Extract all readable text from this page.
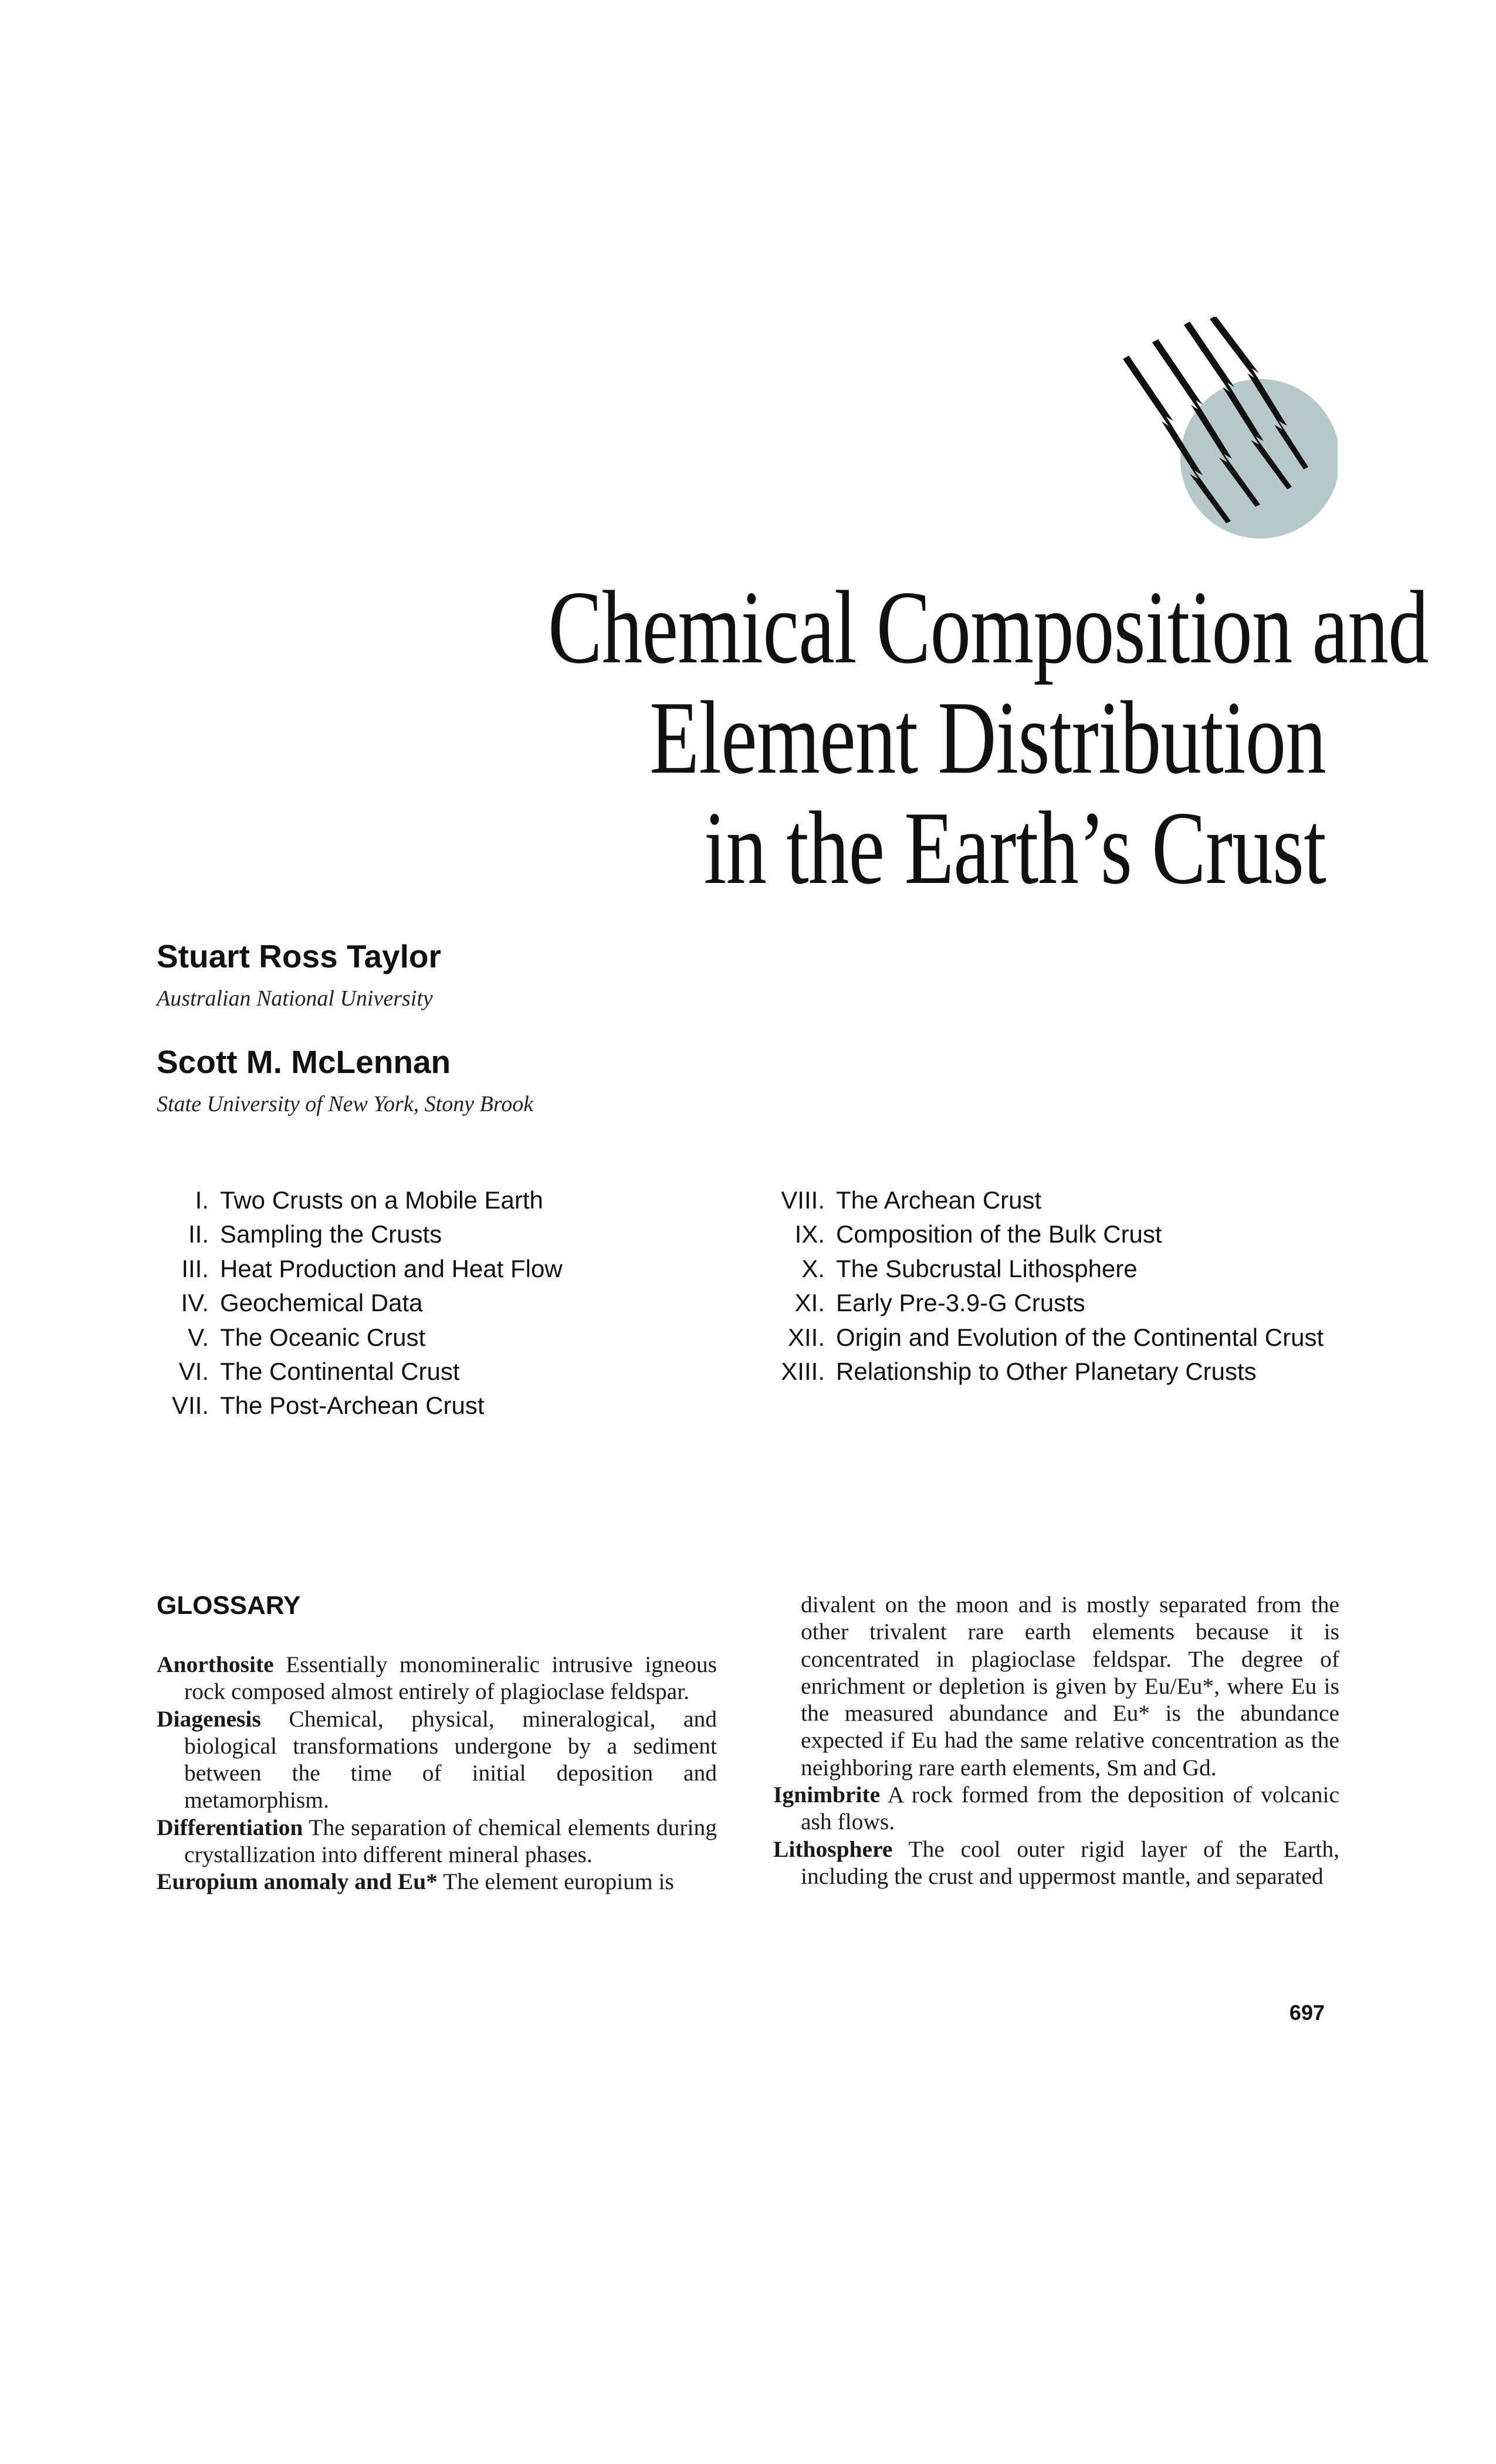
Chemical Composition and
Element Distribution
in the Earth’s Crust
Stuart Ross Taylor
Australian National University
Scott M. McLennan
State University of New York, Stony Brook
I. Two Crusts on a Mobile Earth
II. Sampling the Crusts
III. Heat Production and Heat Flow
IV. Geochemical Data
V. The Oceanic Crust
VI. The Continental Crust
VII. The Post-Archean Crust
VIII. The Archean Crust
IX. Composition of the Bulk Crust
X. The Subcrustal Lithosphere
XI. Early Pre-3.9-G Crusts
XII. Origin and Evolution of the Continental Crust
XIII. Relationship to Other Planetary Crusts
GLOSSARY

Anorthosite Essentially monomineralic intrusive igneous rock composed almost entirely of plagioclase feldspar.

Diagenesis Chemical, physical, mineralogical, and biological transformations undergone by a sediment between the time of initial deposition and metamorphism.

Differentiation The separation of chemical elements during crystallization into different mineral phases.

Europium anomaly and Eu* The element europium is

divalent on the moon and is mostly separated from the other trivalent rare earth elements because it is concentrated in plagioclase feldspar. The degree of enrichment or depletion is given by Eu/Eu*, where Eu is the measured abundance and Eu* is the abundance expected if Eu had the same relative concentration as the neighboring rare earth elements, Sm and Gd.

Ignimbrite A rock formed from the deposition of volcanic ash flows.

Lithosphere The cool outer rigid layer of the Earth, including the crust and uppermost mantle, and separated

697
